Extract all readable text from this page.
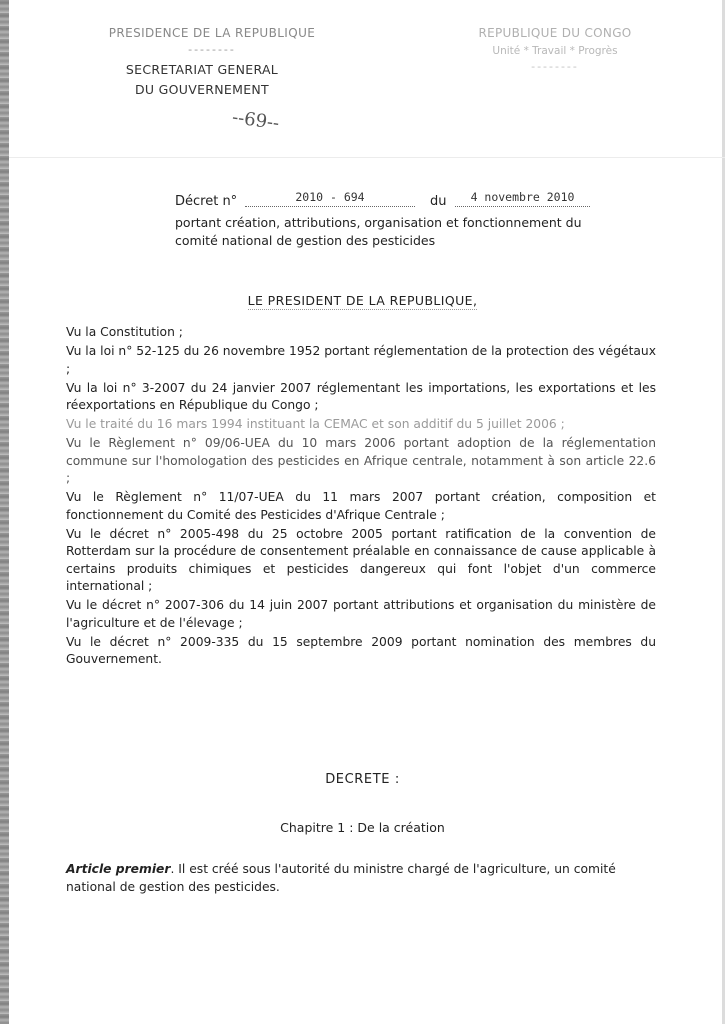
PRESIDENCE DE LA REPUBLIQUE
--------
SECRETARIAT GENERAL
DU GOUVERNEMENT
--69--
REPUBLIQUE DU CONGO
Unité * Travail * Progrès
--------
Décret n°	2010 - 694	du	4 novembre 2010
portant création, attributions, organisation et fonctionnement du comité national de gestion des pesticides
LE PRESIDENT DE LA REPUBLIQUE,

Vu la Constitution ;

Vu la loi n° 52-125 du 26 novembre 1952 portant réglementation de la protection des végétaux ;

Vu la loi n° 3-2007 du 24 janvier 2007 réglementant les importations, les exportations et les réexportations en République du Congo ;

Vu le traité du 16 mars 1994 instituant la CEMAC et son additif du 5 juillet 2006 ;

Vu le Règlement n° 09/06-UEA du 10 mars 2006 portant adoption de la réglementation commune sur l'homologation des pesticides en Afrique centrale, notamment à son article 22.6 ;

Vu le Règlement n° 11/07-UEA du 11 mars 2007 portant création, composition et fonctionnement du Comité des Pesticides d'Afrique Centrale ;

Vu le décret n° 2005-498 du 25 octobre 2005 portant ratification de la convention de Rotterdam sur la procédure de consentement préalable en connaissance de cause applicable à certains produits chimiques et pesticides dangereux qui font l'objet d'un commerce international ;

Vu le décret n° 2007-306 du 14 juin 2007 portant attributions et organisation du ministère de l'agriculture et de l'élevage ;

Vu le décret n° 2009-335 du 15 septembre 2009 portant nomination des membres du Gouvernement.

DECRETE :
Chapitre 1 : De la création
Article premier. Il est créé sous l'autorité du ministre chargé de l'agriculture, un comité national de gestion des pesticides.
